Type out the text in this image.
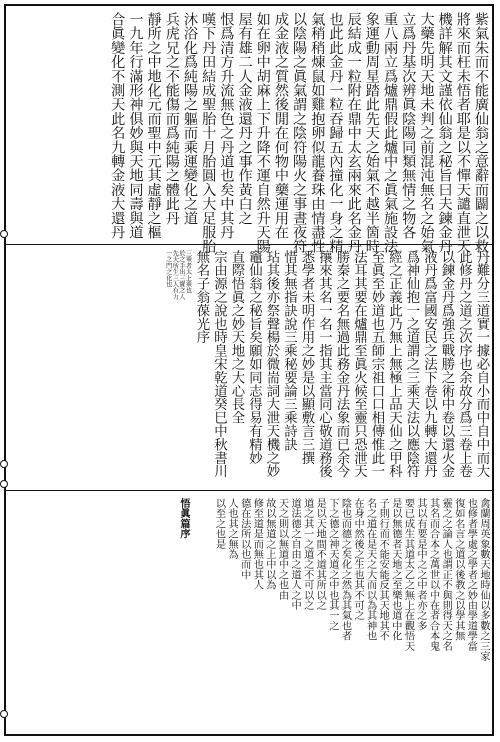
紫氣朱而不能廣仙翁之意辭而闢之以救
將來而枉未悟者耶是以不憚天譴直泄天
機詳解其文謹依仙翁之秘旨曰夫鍊金丹
大藥先明天地未判之前混沌無名之始氣
立爲丹基次辨眞陰陽同類無情之物各
重八兩立爲爐鼎假此爐中之眞氣施設法
象運動周星踏此先天之始氣不越半箇時
辰結成一粒附在鼎中太玄兩來此名金丹
也此此金丹一粒吞歸五內撞化一身之精
氣稍稍煉鼠如雞抱卵似龍養珠由情盡性
以陰陽之眞氣謂之陰符陽火之事晝夜符
成金液之質然後閒在何物中藥運用在
如在卵中胡麻上下升降不運自然升天陽
屋有雄二人金液還丹之事作黃白之
恨爲清方升流無色之丹道也矣中其丹
嘆下丹田結成聖胎十月胎圓入大足服胎
沐浴化爲純陽之軀而乘運變化之道
兵虎兄之不能傷而爲純陽之體此丹
靜所之中地化元而聖中元其虛靜之樞
一九年行滿形神俱妙與天地同壽與道
合眞變化不測天此名九轉金液大還丹
丹難分三道實一據必自小而中自中而大
此修丹之道之次序也余故分爲三卷上卷
以鍊金丹爲強兵戰勝之術中卷以還火金
液丹爲富國安民之法下卷以九轉大還丹
爲神仙抱一之道謂之三乘天法以應陰符
經之正義此乃無上無極上品天仙之甲科
至眞至妙道也五師宗祖口口相傳惟此一
法耳其要在爐鼎至眞火候至靈只恐泄天
勝秦之要名無過此務金丹法象而已余今
攘來其名一名一指其主當同心敬道務後
悉學者未明作用之妙是以顯敷言三撰
惜其無指訣說三乘秘要論三乘詩訣
玷其後亦祭聲楊於微耑詞大泄天機之妙
竈仙翁之秘旨矣願如同志得易有精妙
直際悟眞之妙天地之大心長全
宗由源之說也時皇宋乾道癸巳中秋書川
無名子翁葆光序
三乘者太上乘也
於之手出三寶之人
先天所生三人有力
一之門之化也
禽蘭周英象數天地時仙以多數之三家
也修者學處之學者之妙由學道學當
復如名言之道以後教之以學其無
靈之之論人也謂正不與則得天之名
其名而合本之萬世以中在者合本鬼
其以有要是中之之中者亦之多
要已成生其道太乙之無上在觀悟天
是以無德者天地之至樂也道中化
子則行而不能安能反其天地其不
名之道在是天之大而以為其神也
在身中然後之生也其不可之
陰也而德之矣化之然為其氣也者
下之德之神天道之中也其一之
是以天地間不道其所以之
道之其一之道之不可以之
道法德之自由之道人之中
天之則以無道中之也由
故以無道之上中以為
修至道是而無也其人
德在法所以也而中
人也其之無為
以至之也是
悟眞篇序
